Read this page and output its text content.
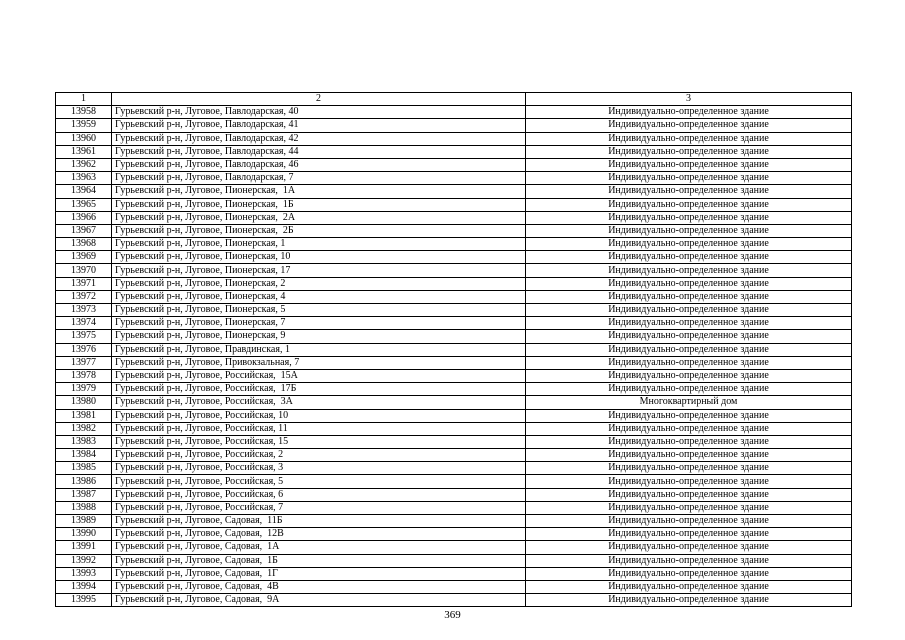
1	2	3
13958	Гурьевский р-н, Луговое, Павлодарская, 40	Индивидуально-определенное здание
13959	Гурьевский р-н, Луговое, Павлодарская, 41	Индивидуально-определенное здание
13960	Гурьевский р-н, Луговое, Павлодарская, 42	Индивидуально-определенное здание
13961	Гурьевский р-н, Луговое, Павлодарская, 44	Индивидуально-определенное здание
13962	Гурьевский р-н, Луговое, Павлодарская, 46	Индивидуально-определенное здание
13963	Гурьевский р-н, Луговое, Павлодарская, 7	Индивидуально-определенное здание
13964	Гурьевский р-н, Луговое, Пионерская,  1А	Индивидуально-определенное здание
13965	Гурьевский р-н, Луговое, Пионерская,  1Б	Индивидуально-определенное здание
13966	Гурьевский р-н, Луговое, Пионерская,  2А	Индивидуально-определенное здание
13967	Гурьевский р-н, Луговое, Пионерская,  2Б	Индивидуально-определенное здание
13968	Гурьевский р-н, Луговое, Пионерская, 1	Индивидуально-определенное здание
13969	Гурьевский р-н, Луговое, Пионерская, 10	Индивидуально-определенное здание
13970	Гурьевский р-н, Луговое, Пионерская, 17	Индивидуально-определенное здание
13971	Гурьевский р-н, Луговое, Пионерская, 2	Индивидуально-определенное здание
13972	Гурьевский р-н, Луговое, Пионерская, 4	Индивидуально-определенное здание
13973	Гурьевский р-н, Луговое, Пионерская, 5	Индивидуально-определенное здание
13974	Гурьевский р-н, Луговое, Пионерская, 7	Индивидуально-определенное здание
13975	Гурьевский р-н, Луговое, Пионерская, 9	Индивидуально-определенное здание
13976	Гурьевский р-н, Луговое, Правдинская, 1	Индивидуально-определенное здание
13977	Гурьевский р-н, Луговое, Привокзальная, 7	Индивидуально-определенное здание
13978	Гурьевский р-н, Луговое, Российская,  15А	Индивидуально-определенное здание
13979	Гурьевский р-н, Луговое, Российская,  17Б	Индивидуально-определенное здание
13980	Гурьевский р-н, Луговое, Российская,  3А	Многоквартирный дом
13981	Гурьевский р-н, Луговое, Российская, 10	Индивидуально-определенное здание
13982	Гурьевский р-н, Луговое, Российская, 11	Индивидуально-определенное здание
13983	Гурьевский р-н, Луговое, Российская, 15	Индивидуально-определенное здание
13984	Гурьевский р-н, Луговое, Российская, 2	Индивидуально-определенное здание
13985	Гурьевский р-н, Луговое, Российская, 3	Индивидуально-определенное здание
13986	Гурьевский р-н, Луговое, Российская, 5	Индивидуально-определенное здание
13987	Гурьевский р-н, Луговое, Российская, 6	Индивидуально-определенное здание
13988	Гурьевский р-н, Луговое, Российская, 7	Индивидуально-определенное здание
13989	Гурьевский р-н, Луговое, Садовая,  11Б	Индивидуально-определенное здание
13990	Гурьевский р-н, Луговое, Садовая,  12В	Индивидуально-определенное здание
13991	Гурьевский р-н, Луговое, Садовая,  1А	Индивидуально-определенное здание
13992	Гурьевский р-н, Луговое, Садовая,  1Б	Индивидуально-определенное здание
13993	Гурьевский р-н, Луговое, Садовая,  1Г	Индивидуально-определенное здание
13994	Гурьевский р-н, Луговое, Садовая,  4В	Индивидуально-определенное здание
13995	Гурьевский р-н, Луговое, Садовая,  9А	Индивидуально-определенное здание
369
